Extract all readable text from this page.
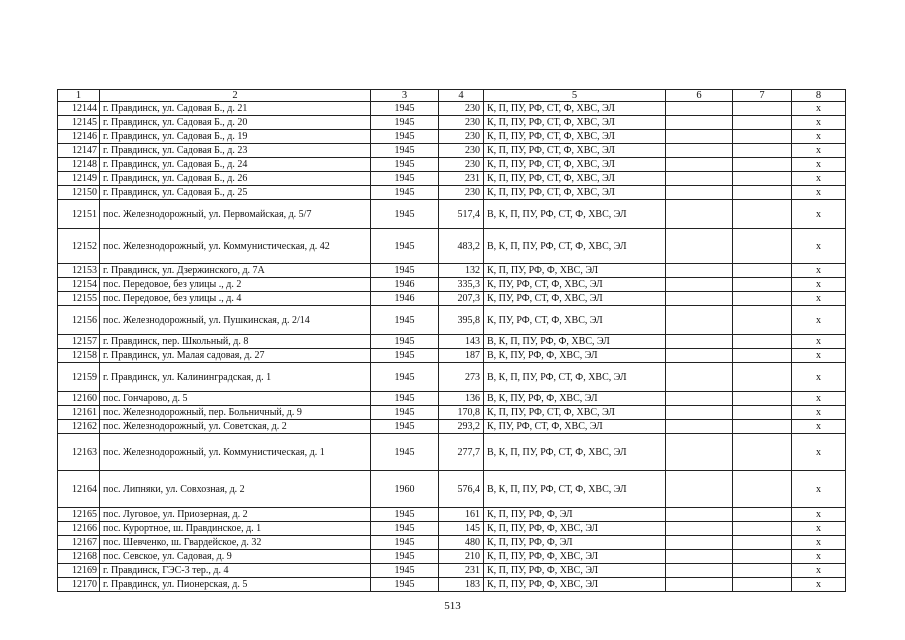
1	2	3	4	5	6	7	8
12144	г. Правдинск, ул. Садовая Б., д. 21	1945	230	К, П, ПУ, РФ, СТ, Ф, ХВС, ЭЛ			х
12145	г. Правдинск, ул. Садовая Б., д. 20	1945	230	К, П, ПУ, РФ, СТ, Ф, ХВС, ЭЛ			х
12146	г. Правдинск, ул. Садовая Б., д. 19	1945	230	К, П, ПУ, РФ, СТ, Ф, ХВС, ЭЛ			х
12147	г. Правдинск, ул. Садовая Б., д. 23	1945	230	К, П, ПУ, РФ, СТ, Ф, ХВС, ЭЛ			х
12148	г. Правдинск, ул. Садовая Б., д. 24	1945	230	К, П, ПУ, РФ, СТ, Ф, ХВС, ЭЛ			х
12149	г. Правдинск, ул. Садовая Б., д. 26	1945	231	К, П, ПУ, РФ, СТ, Ф, ХВС, ЭЛ			х
12150	г. Правдинск, ул. Садовая Б., д. 25	1945	230	К, П, ПУ, РФ, СТ, Ф, ХВС, ЭЛ			х
12151	пос. Железнодорожный, ул. Первомайская, д. 5/7	1945	517,4	В, К, П, ПУ, РФ, СТ, Ф, ХВС, ЭЛ			х
12152	пос. Железнодорожный, ул. Коммунистическая, д. 42	1945	483,2	В, К, П, ПУ, РФ, СТ, Ф, ХВС, ЭЛ			х
12153	г. Правдинск, ул. Дзержинского, д. 7А	1945	132	К, П, ПУ, РФ, Ф, ХВС, ЭЛ			х
12154	пос. Передовое, без улицы ., д. 2	1946	335,3	К, ПУ, РФ, СТ, Ф, ХВС, ЭЛ			х
12155	пос. Передовое, без улицы ., д. 4	1946	207,3	К, ПУ, РФ, СТ, Ф, ХВС, ЭЛ			х
12156	пос. Железнодорожный, ул. Пушкинская, д. 2/14	1945	395,8	К, ПУ, РФ, СТ, Ф, ХВС, ЭЛ			х
12157	г. Правдинск, пер. Школьный, д. 8	1945	143	В, К, П, ПУ, РФ, Ф, ХВС, ЭЛ			х
12158	г. Правдинск, ул. Малая садовая, д. 27	1945	187	В, К, ПУ, РФ, Ф, ХВС, ЭЛ			х
12159	г. Правдинск, ул. Калининградская, д. 1	1945	273	В, К, П, ПУ, РФ, СТ, Ф, ХВС, ЭЛ			х
12160	пос. Гончарово, д. 5	1945	136	В, К, ПУ, РФ, Ф, ХВС, ЭЛ			х
12161	пос. Железнодорожный, пер. Больничный, д. 9	1945	170,8	К, П, ПУ, РФ, СТ, Ф, ХВС, ЭЛ			х
12162	пос. Железнодорожный, ул. Советская, д. 2	1945	293,2	К, ПУ, РФ, СТ, Ф, ХВС, ЭЛ			х
12163	пос. Железнодорожный, ул. Коммунистическая, д. 1	1945	277,7	В, К, П, ПУ, РФ, СТ, Ф, ХВС, ЭЛ			х
12164	пос. Липняки, ул. Совхозная, д. 2	1960	576,4	В, К, П, ПУ, РФ, СТ, Ф, ХВС, ЭЛ			х
12165	пос. Луговое, ул. Приозерная, д. 2	1945	161	К, П, ПУ, РФ, Ф, ЭЛ			х
12166	пос. Курортное, ш. Правдинское, д. 1	1945	145	К, П, ПУ, РФ, Ф, ХВС, ЭЛ			х
12167	пос. Шевченко, ш. Гвардейское, д. 32	1945	480	К, П, ПУ, РФ, Ф, ЭЛ			х
12168	пос. Севское, ул. Садовая, д. 9	1945	210	К, П, ПУ, РФ, Ф, ХВС, ЭЛ			х
12169	г. Правдинск, ГЭС-3 тер., д. 4	1945	231	К, П, ПУ, РФ, Ф, ХВС, ЭЛ			х
12170	г. Правдинск, ул. Пионерская, д. 5	1945	183	К, П, ПУ, РФ, Ф, ХВС, ЭЛ			х
513
